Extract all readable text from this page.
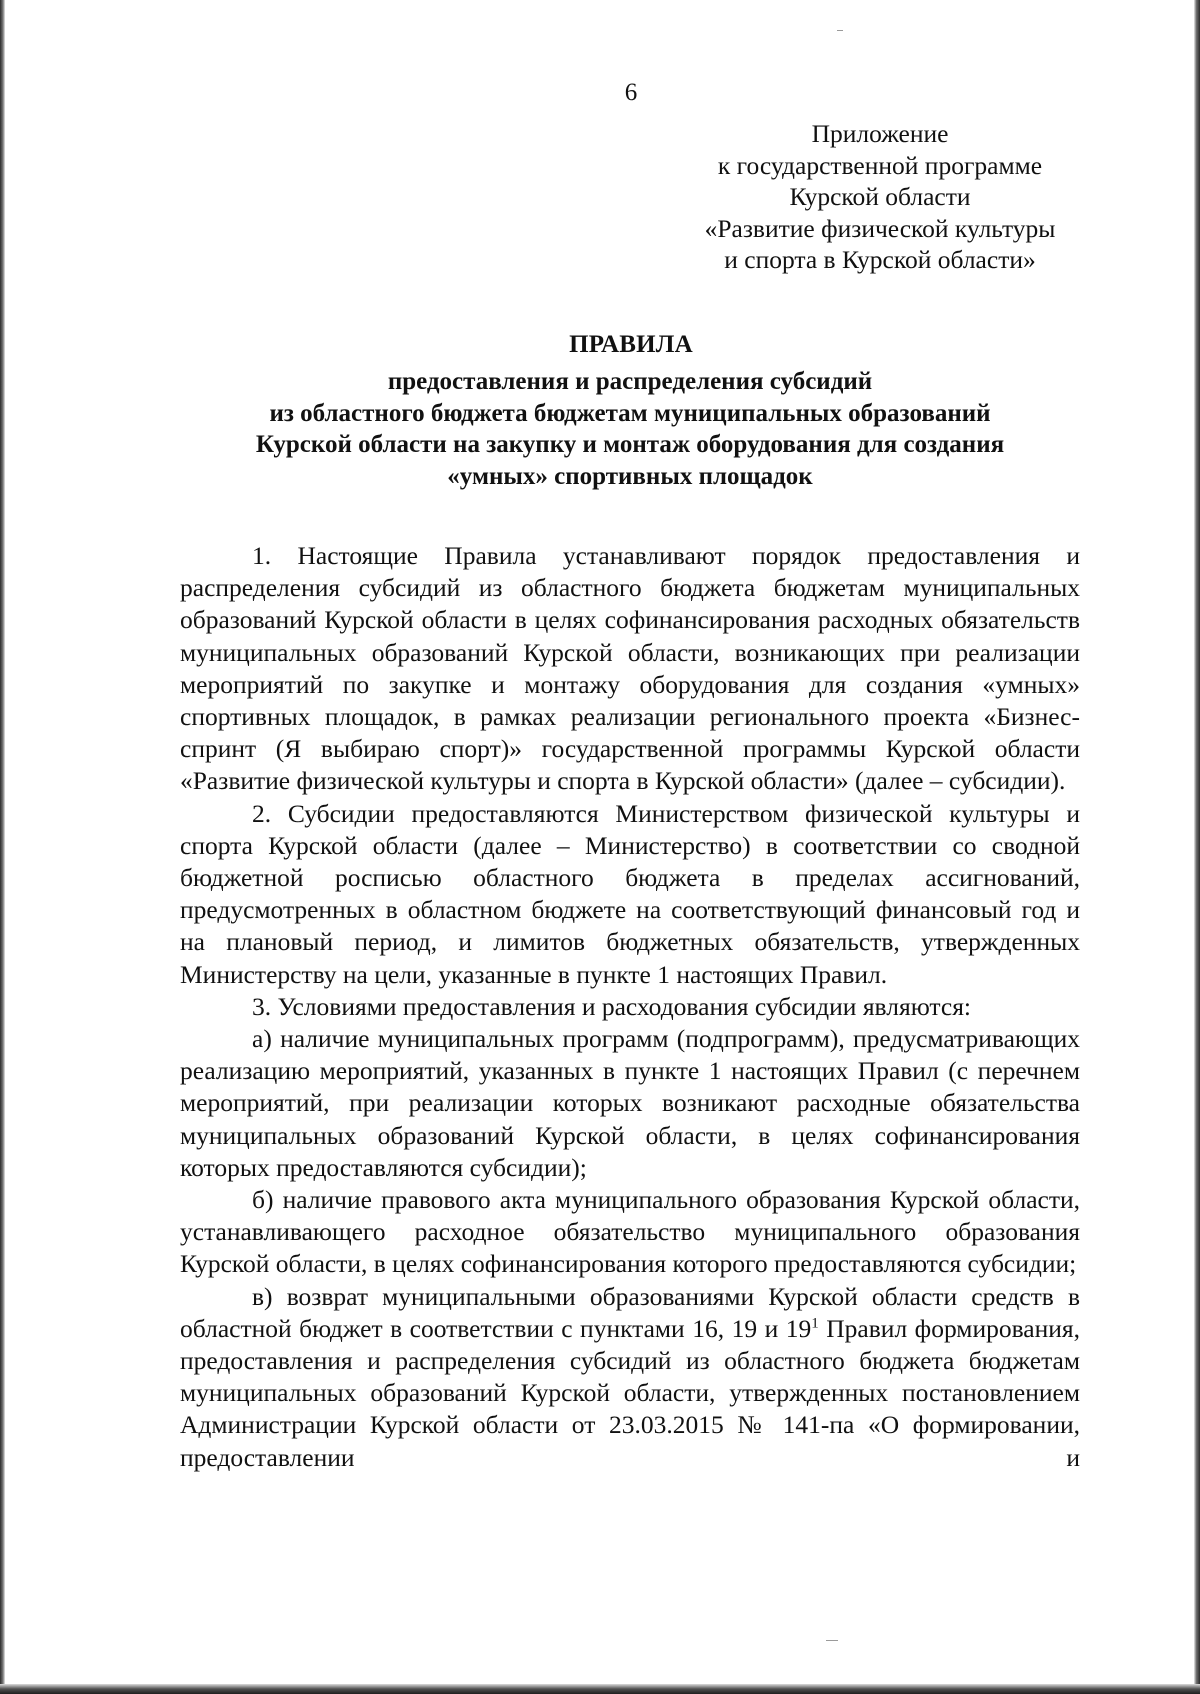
6
Приложение
к государственной программе
Курской области
«Развитие физической культуры
и спорта в Курской области»
ПРАВИЛА
предоставления и распределения субсидий
из областного бюджета бюджетам муниципальных образований
Курской области на закупку и монтаж оборудования для создания
«умных» спортивных площадок

1. Настоящие Правила устанавливают порядок предоставления и распределения субсидий из областного бюджета бюджетам муниципальных образований Курской области в целях софинансирования расходных обязательств муниципальных образований Курской области, возникающих при реализации мероприятий по закупке и монтажу оборудования для создания «умных» спортивных площадок, в рамках реализации регионального проекта «Бизнес-спринт (Я выбираю спорт)» государственной программы Курской области «Развитие физической культуры и спорта в Курской области» (далее – субсидии).

2. Субсидии предоставляются Министерством физической культуры и спорта Курской области (далее – Министерство) в соответствии со сводной бюджетной росписью областного бюджета в пределах ассигнований, предусмотренных в областном бюджете на соответствующий финансовый год и на плановый период, и лимитов бюджетных обязательств, утвержденных Министерству на цели, указанные в пункте 1 настоящих Правил.

3. Условиями предоставления и расходования субсидии являются:

а) наличие муниципальных программ (подпрограмм), предусматривающих реализацию мероприятий, указанных в пункте 1 настоящих Правил (с перечнем мероприятий, при реализации которых возникают расходные обязательства муниципальных образований Курской области, в целях софинансирования которых предоставляются субсидии);

б) наличие правового акта муниципального образования Курской области, устанавливающего расходное обязательство муниципального образования Курской области, в целях софинансирования которого предоставляются субсидии;

в) возврат муниципальными образованиями Курской области средств в областной бюджет в соответствии с пунктами 16, 19 и $19^1$ Правил формирования, предоставления и распределения субсидий из областного бюджета бюджетам муниципальных образований Курской области, утвержденных постановлением Администрации Курской области от 23.03.2015 № 141-па «О формировании, предоставлении и
